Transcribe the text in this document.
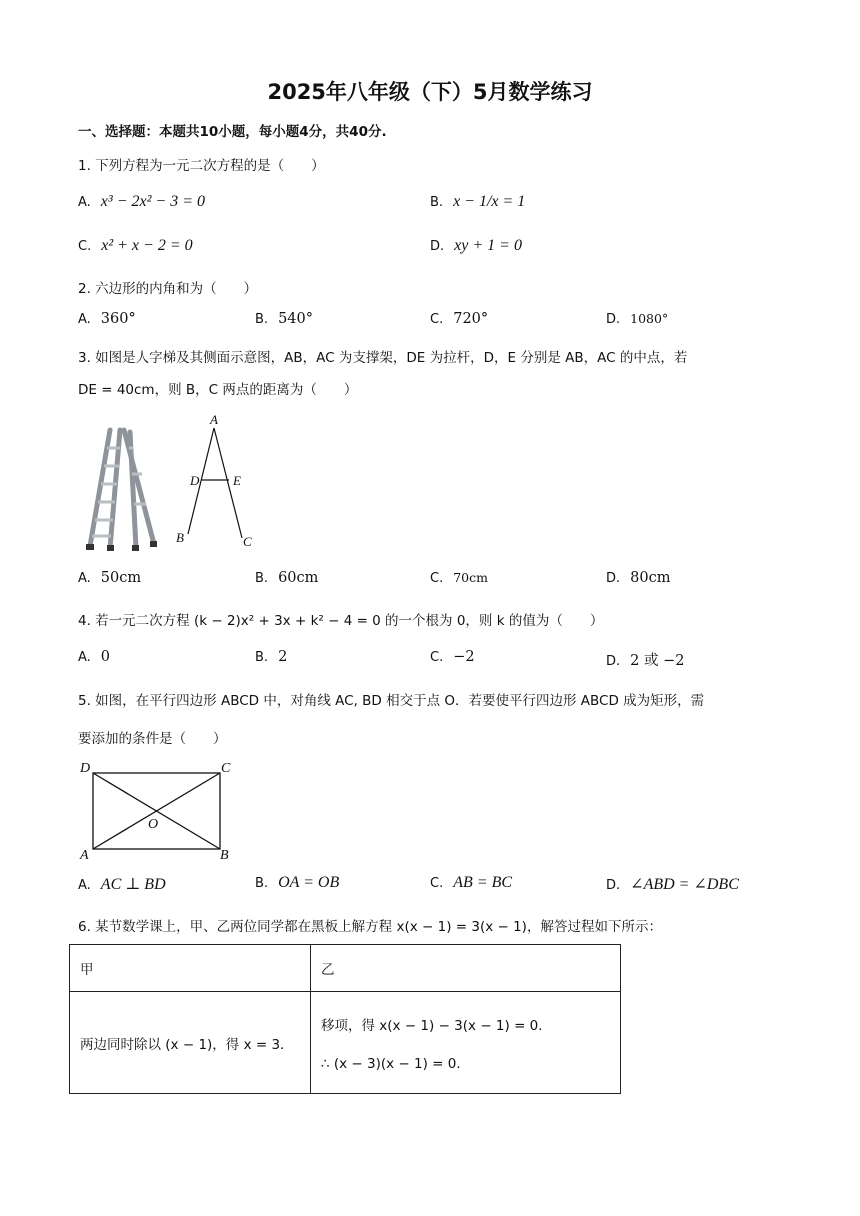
2025年八年级（下）5月数学练习
一、选择题：本题共10小题，每小题4分，共40分.
1. 下列方程为一元二次方程的是（　　）
A. x³ − 2x² − 3 = 0	B. x − 1/x = 1
C. x² + x − 2 = 0	D. xy + 1 = 0
2. 六边形的内角和为（　　）
A. 360°	B. 540°	C. 720°	D. 1080°
3. 如图是人字梯及其侧面示意图，AB，AC 为支撑架，DE 为拉杆，D，E 分别是 AB，AC 的中点，若
DE = 40cm，则 B，C 两点的距离为（　　）
A
D	E
B	C
A. 50cm	B. 60cm	C. 70cm	D. 80cm
4. 若一元二次方程 (k − 2)x² + 3x + k² − 4 = 0 的一个根为 0，则 k 的值为（　　）
A. 0	B. 2	C. −2	D. 2 或 −2
5. 如图，在平行四边形 ABCD 中，对角线 AC, BD 相交于点 O．若要使平行四边形 ABCD 成为矩形，需
要添加的条件是（　　）
D	C
O
A	B
A. AC ⊥ BD	B. OA = OB	C. AB = BC	D. ∠ABD = ∠DBC
6. 某节数学课上，甲、乙两位同学都在黑板上解方程 x(x − 1) = 3(x − 1)，解答过程如下所示：
甲	乙
两边同时除以 (x − 1)，得 x = 3．	移项，得 x(x − 1) − 3(x − 1) = 0．
∴ (x − 3)(x − 1) = 0．
